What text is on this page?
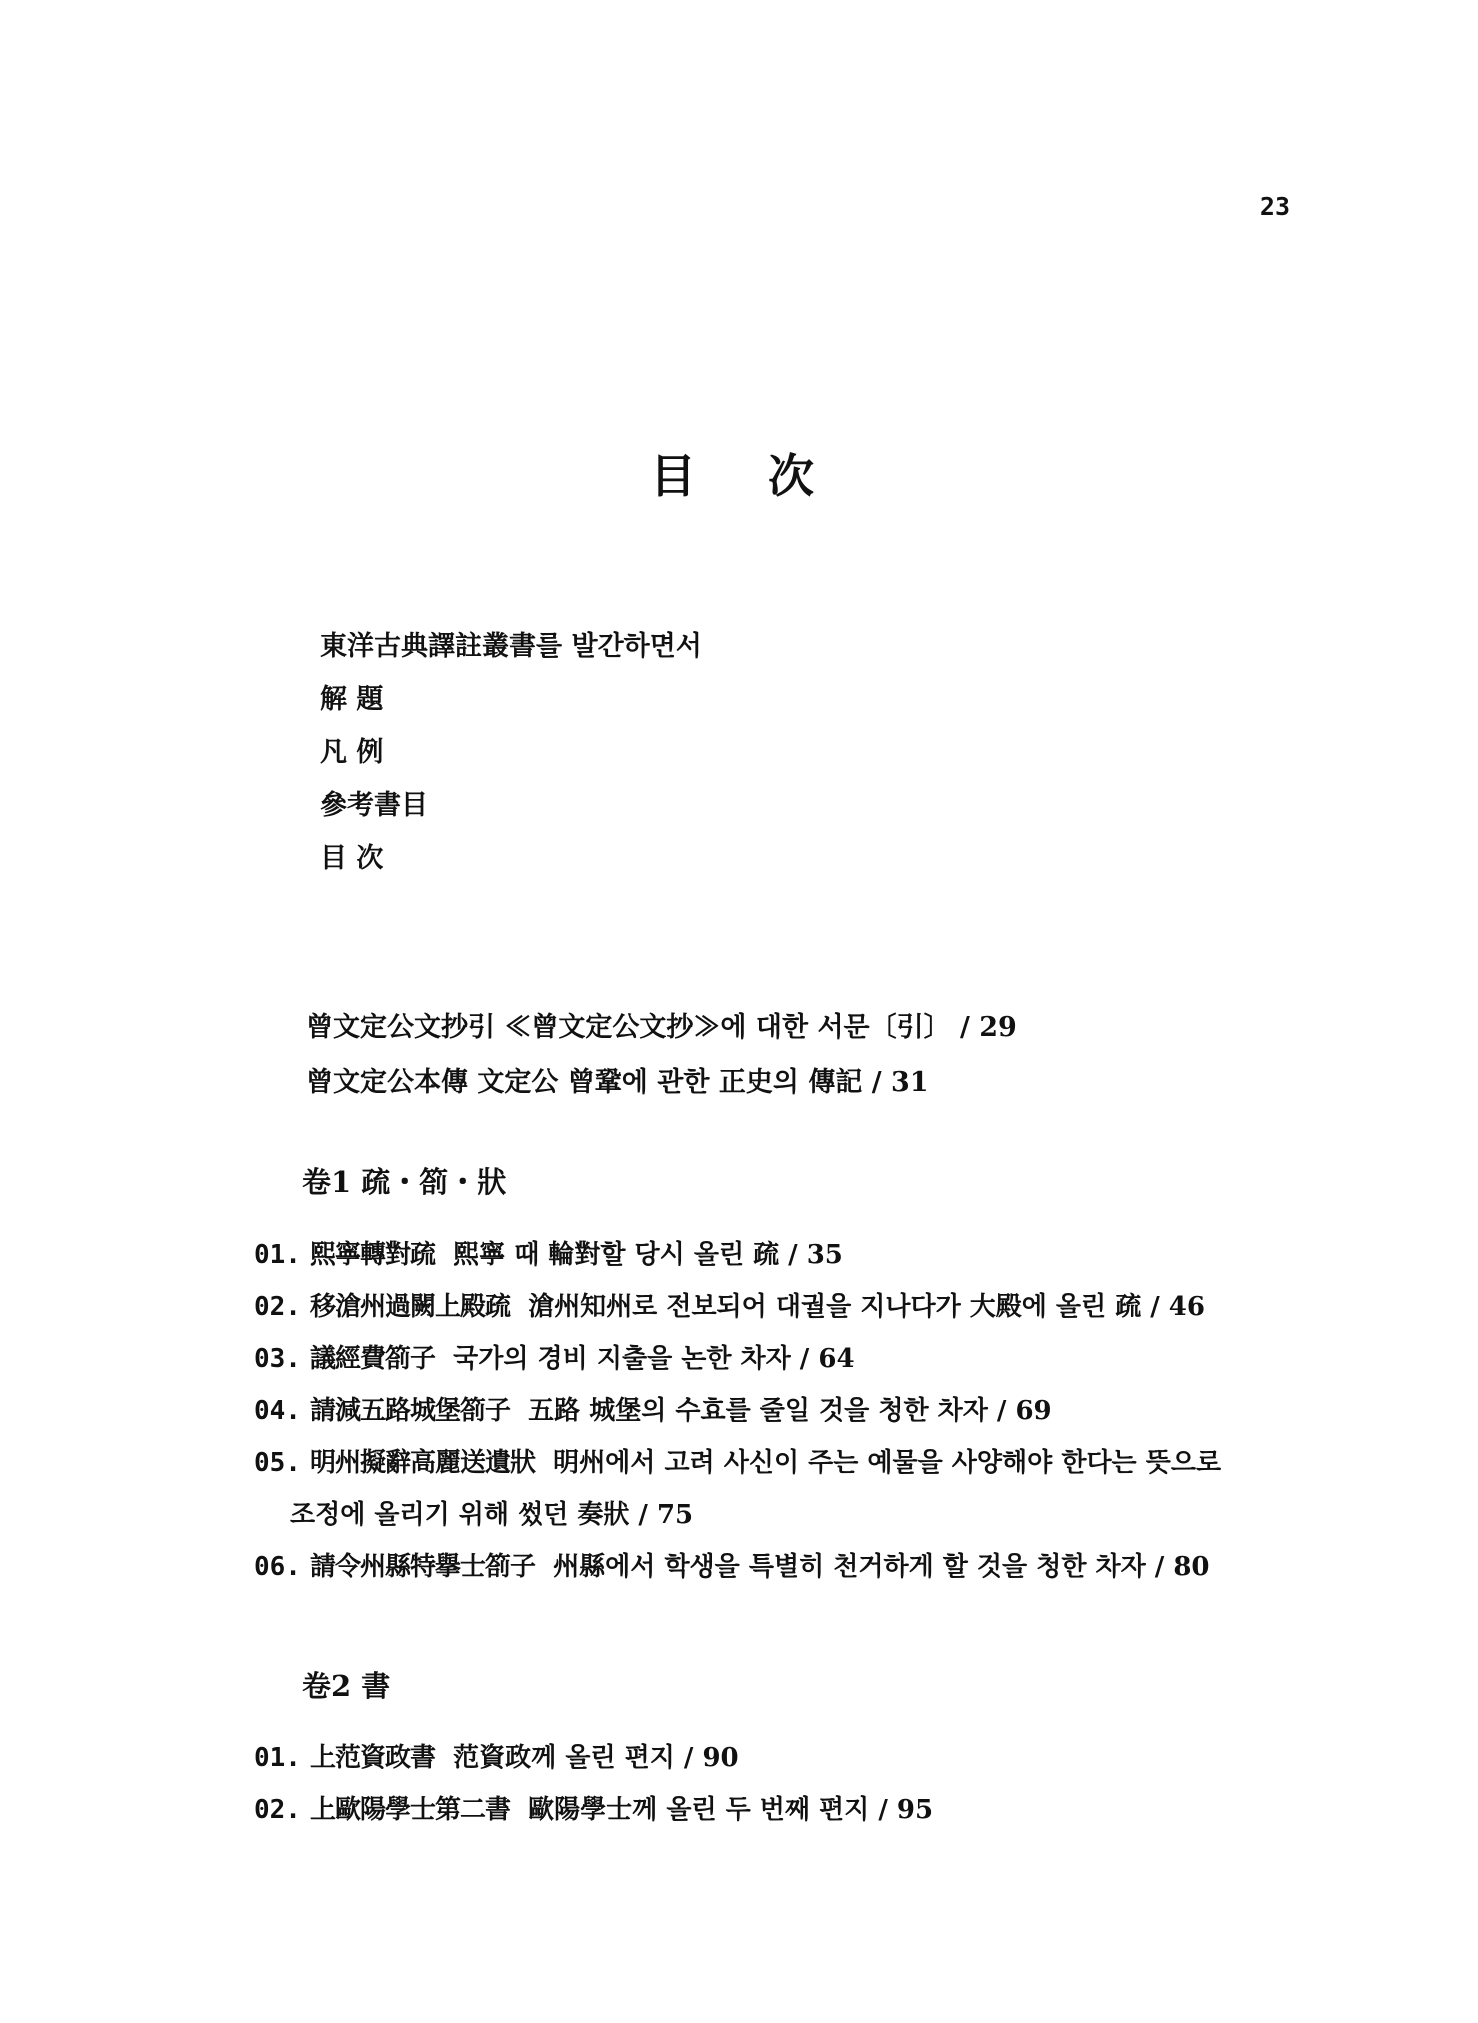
23
目 次
東洋古典譯註叢書를 발간하면서
解 題
凡 例
參考書目
目 次
曾文定公文抄引 ≪曾文定公文抄≫에 대한 서문〔引〕 / 29
曾文定公本傳 文定公 曾鞏에 관한 正史의 傳記 / 31
卷1 疏・箚・狀
01. 熙寧轉對疏 熙寧 때 輪對할 당시 올린 疏 / 35
02. 移滄州過闕上殿疏 滄州知州로 전보되어 대궐을 지나다가 大殿에 올린 疏 / 46
03. 議經費箚子 국가의 경비 지출을 논한 차자 / 64
04. 請減五路城堡箚子 五路 城堡의 수효를 줄일 것을 청한 차자 / 69
05. 明州擬辭高麗送遺狀 明州에서 고려 사신이 주는 예물을 사양해야 한다는 뜻으로 조정에 올리기 위해 썼던 奏狀 / 75
06. 請令州縣特擧士箚子 州縣에서 학생을 특별히 천거하게 할 것을 청한 차자 / 80
卷2 書
01. 上范資政書 范資政께 올린 편지 / 90
02. 上歐陽學士第二書 歐陽學士께 올린 두 번째 편지 / 95
